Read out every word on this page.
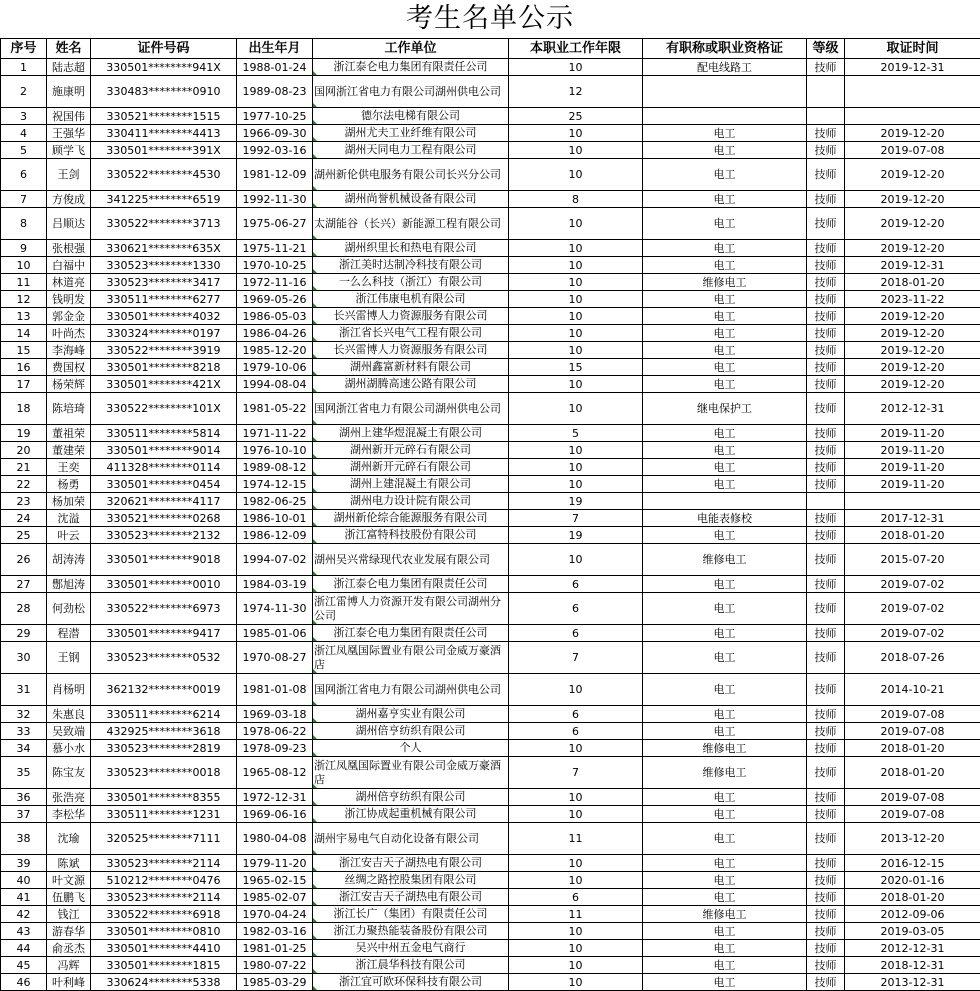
考生名单公示
序号	姓名	证件号码	出生年月	工作单位	本职业工作年限	有职称或职业资格证	等级	取证时间
1	陆志超	330501********941X	1988-01-24	浙江泰仑电力集团有限责任公司	10	配电线路工	技师	2019-12-31
2	施康明	330483********0910	1989-08-23	国网浙江省电力有限公司湖州供电公司	12			
3	祝国伟	330521********1515	1977-10-25	德尔法电梯有限公司	25			
4	王强华	330411********4413	1966-09-30	湖州尤夫工业纤维有限公司	10	电工	技师	2019-12-20
5	顾学飞	330501********391X	1992-03-16	湖州天同电力工程有限公司	10	电工	技师	2019-07-08
6	王剑	330522********4530	1981-12-09	湖州新伦供电服务有限公司长兴分公司	10	电工	技师	2019-12-20
7	方俊成	341225********6519	1992-11-30	湖州尚誉机械设备有限公司	8	电工	技师	2019-12-20
8	吕顺达	330522********3713	1975-06-27	太湖能谷（长兴）新能源工程有限公司	10	电工	技师	2019-12-20
9	张根强	330621********635X	1975-11-21	湖州织里长和热电有限公司	10	电工	技师	2019-12-20
10	白福中	330523********1330	1970-10-25	浙江美时达制冷科技有限公司	10	电工	技师	2019-12-31
11	林道亮	330523********3417	1972-11-16	一么么科技（浙江）有限公司	10	维修电工	技师	2018-01-20
12	钱明发	330511********6277	1969-05-26	浙江伟康电机有限公司	10	电工	技师	2023-11-22
13	郭金金	330501********4032	1986-05-03	长兴雷博人力资源服务有限公司	10	电工	技师	2019-12-20
14	叶尚杰	330324********0197	1986-04-26	浙江省长兴电气工程有限公司	10	电工	技师	2019-12-20
15	李海峰	330522********3919	1985-12-20	长兴雷博人力资源服务有限公司	10	电工	技师	2019-12-20
16	费国权	330501********8218	1979-10-06	湖州鑫富新材料有限公司	15	电工	技师	2019-12-20
17	杨荣辉	330501********421X	1994-08-04	湖州湖腾高速公路有限公司	10	电工	技师	2019-12-20
18	陈培琦	330522********101X	1981-05-22	国网浙江省电力有限公司湖州供电公司	10	继电保护工	技师	2012-12-31
19	董祖荣	330511********5814	1971-11-22	湖州上建华煜混凝土有限公司	5	电工	技师	2019-11-20
20	董建荣	330501********9014	1976-10-10	湖州新开元碎石有限公司	10	电工	技师	2019-11-20
21	王奕	411328********0114	1989-08-12	湖州新开元碎石有限公司	10	电工	技师	2019-11-20
22	杨勇	330501********0454	1974-12-15	湖州上建混凝土有限公司	10	电工	技师	2019-11-20
23	杨加荣	320621********4117	1982-06-25	湖州电力设计院有限公司	19			
24	沈溢	330521********0268	1986-10-01	湖州新伦综合能源服务有限公司	7	电能表修校	技师	2017-12-31
25	叶云	330523********2132	1986-12-09	浙江富特科技股份有限公司	19	电工	技师	2018-01-20
26	胡涛涛	330501********9018	1994-07-02	湖州吴兴常绿现代农业发展有限公司	10	维修电工	技师	2015-07-20
27	鄷旭涛	330501********0010	1984-03-19	浙江泰仑电力集团有限责任公司	6	电工	技师	2019-07-02
28	何劲松	330522********6973	1974-11-30	浙江雷博人力资源开发有限公司湖州分公司	6	电工	技师	2019-07-02
29	程潜	330501********9417	1985-01-06	浙江泰仑电力集团有限责任公司	6	电工	技师	2019-07-02
30	王钢	330523********0532	1970-08-27	浙江凤凰国际置业有限公司金威万豪酒店	7	电工	技师	2018-07-26
31	肖杨明	362132********0019	1981-01-08	国网浙江省电力有限公司湖州供电公司	10	电工	技师	2014-10-21
32	朱惠良	330511********6214	1969-03-18	湖州嘉亨实业有限公司	6	电工	技师	2019-07-08
33	吴致端	432925********3618	1978-06-22	湖州倍亨纺织有限公司	6	电工	技师	2019-07-08
34	慕小水	330523********2819	1978-09-23	个人	10	维修电工	技师	2018-01-20
35	陈宝友	330523********0018	1965-08-12	浙江凤凰国际置业有限公司金威万豪酒店	7	维修电工	技师	2018-01-20
36	张浩亮	330501********8355	1972-12-31	湖州倍亨纺织有限公司	10	电工	技师	2019-07-08
37	李松华	330511********1231	1969-06-16	浙江协成起重机械有限公司	10	电工	技师	2019-07-08
38	沈瑜	320525********7111	1980-04-08	湖州宇易电气自动化设备有限公司	11	电工	技师	2013-12-20
39	陈斌	330523********2114	1979-11-20	浙江安吉天子湖热电有限公司	10	电工	技师	2016-12-15
40	叶文源	510212********0476	1965-02-15	丝绸之路控股集团有限公司	10	电工	技师	2020-01-16
41	伍鹏飞	330523********2114	1985-02-07	浙江安吉天子湖热电有限公司	6	电工	技师	2018-01-20
42	钱江	330522********6918	1970-04-24	浙江长广（集团）有限责任公司	11	维修电工	技师	2012-09-06
43	游春华	330501********0810	1982-03-16	浙江力聚热能装备股份有限公司	10	电工	技师	2019-03-05
44	俞丞杰	330501********4410	1981-01-25	吴兴中州五金电气商行	10	电工	技师	2012-12-31
45	冯辉	330501********1815	1980-07-22	浙江晨华科技有限公司	10	电工	技师	2018-12-31
46	叶利峰	330624********5338	1985-03-29	浙江宜可欧环保科技有限公司	10	电工	技师	2013-12-31
